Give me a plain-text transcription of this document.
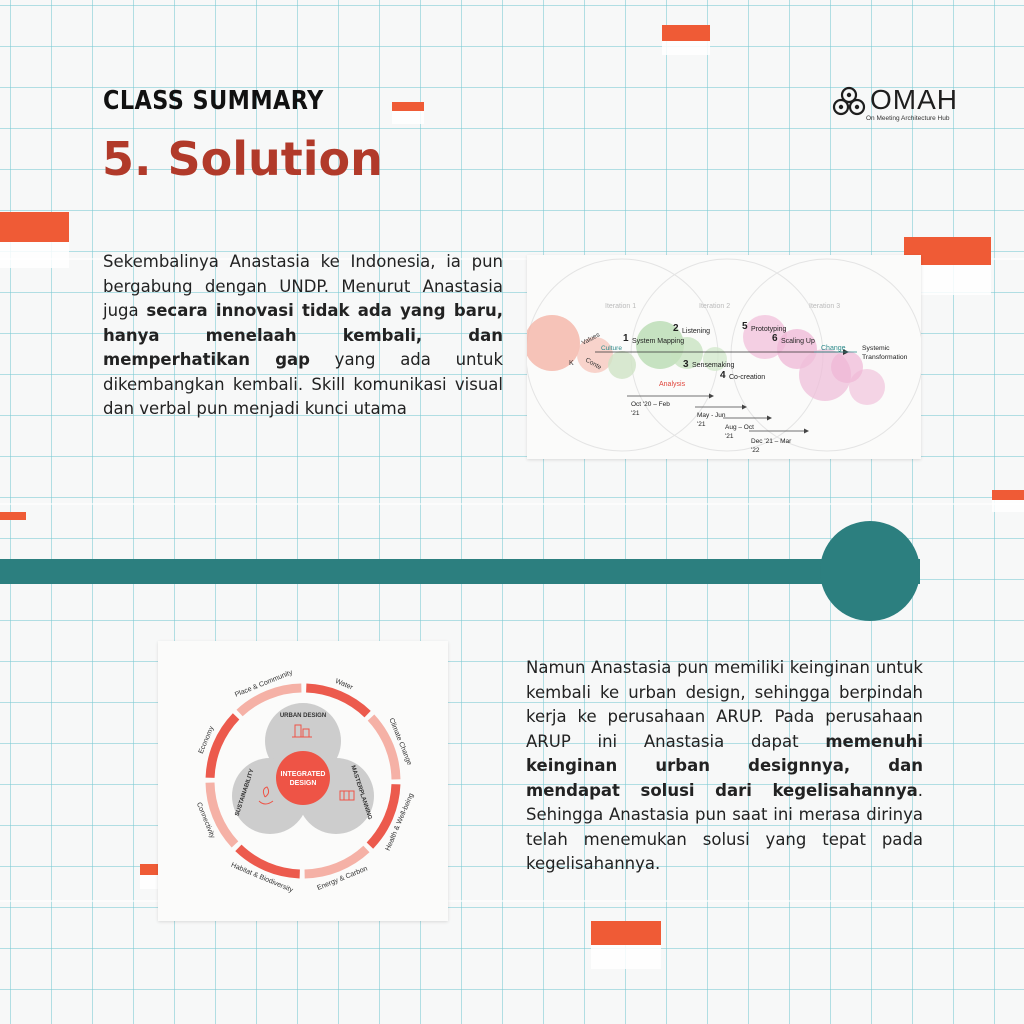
CLASS SUMMARY
5. Solution
OMAH
On Meeting Architecture Hub
Sekembalinya Anastasia ke Indonesia, ia pun bergabung dengan UNDP. Menurut Anastasia juga secara innovasi tidak ada yang baru, hanya menelaah kembali, dan memperhatikan gap yang ada untuk dikembangkan kembali. Skill komunikasi visual dan verbal pun menjadi kunci utama
Iteration 1	Iteration 2	Iteration 3
Values
K Conte
Culture
1 System Mapping
2 Listening
3 Sensemaking
4 Co-creation
5 Prototyping
6 Scaling Up
Change Systemic
Transformation
Analysis
Oct '20 – Feb
'21	May - Jun
'21	Aug – Oct
'21
Dec '21 – Mar
'22
INTEGRATED
DESIGN
URBAN DESIGN
MASTERPLANNING
SUSTAINABILITY
Place & Community	Water
Climate Change
Health & Well-being
Energy & Carbon
Habitat & Biodiversity
Connectivity
Economy
Namun Anastasia pun memiliki keinginan untuk kembali ke urban design, sehingga berpindah kerja ke perusahaan ARUP. Pada perusahaan ARUP ini Anastasia dapat memenuhi keinginan urban designnya, dan mendapat solusi dari kegelisahannya. Sehingga Anastasia pun saat ini merasa dirinya telah menemukan solusi yang tepat pada kegelisahannya.
